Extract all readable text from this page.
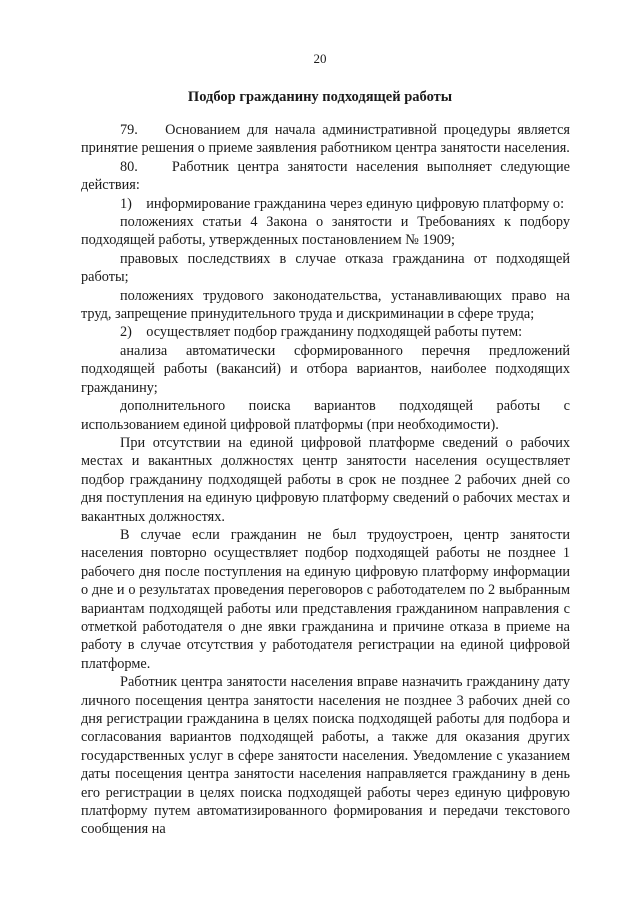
20
Подбор гражданину подходящей работы

79.    Основанием для начала административной процедуры является принятие решения о приеме заявления работником центра занятости населения.

80.    Работник центра занятости населения выполняет следующие действия:

1)    информирование гражданина через единую цифровую платформу о:

положениях статьи 4 Закона о занятости и Требованиях к подбору подходящей работы, утвержденных постановлением № 1909;

правовых последствиях в случае отказа гражданина от подходящей работы;

положениях трудового законодательства, устанавливающих право на труд, запрещение принудительного труда и дискриминации в сфере труда;

2)    осуществляет подбор гражданину подходящей работы путем:

анализа автоматически сформированного перечня предложений подходящей работы (вакансий) и отбора вариантов, наиболее подходящих гражданину;

дополнительного поиска вариантов подходящей работы с использованием единой цифровой платформы (при необходимости).

При отсутствии на единой цифровой платформе сведений о рабочих местах и вакантных должностях центр занятости населения осуществляет подбор гражданину подходящей работы в срок не позднее 2 рабочих дней со дня поступления на единую цифровую платформу сведений о рабочих местах и вакантных должностях.

В случае если гражданин не был трудоустроен, центр занятости населения повторно осуществляет подбор подходящей работы не позднее 1 рабочего дня после поступления на единую цифровую платформу информации о дне и о результатах проведения переговоров с работодателем по 2 выбранным вариантам подходящей работы или представления гражданином направления с отметкой работодателя о дне явки гражданина и причине отказа в приеме на работу в случае отсутствия у работодателя регистрации на единой цифровой платформе.

Работник центра занятости населения вправе назначить гражданину дату личного посещения центра занятости населения не позднее 3 рабочих дней со дня регистрации гражданина в целях поиска подходящей работы для подбора и согласования вариантов подходящей работы, а также для оказания других государственных услуг в сфере занятости населения. Уведомление с указанием даты посещения центра занятости населения направляется гражданину в день его регистрации в целях поиска подходящей работы через единую цифровую платформу путем автоматизированного формирования и передачи текстового сообщения на
